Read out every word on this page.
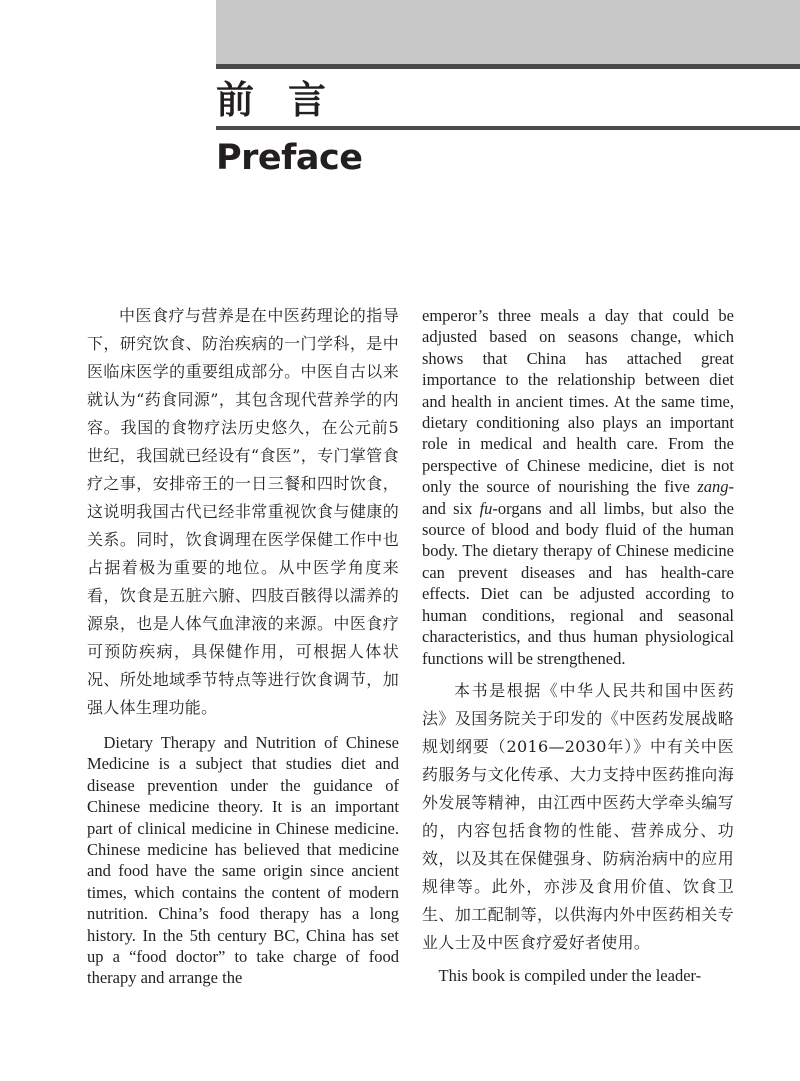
前言
Preface

中医食疗与营养是在中医药理论的指导下，研究饮食、防治疾病的一门学科，是中医临床医学的重要组成部分。中医自古以来就认为“药食同源”，其包含现代营养学的内容。我国的食物疗法历史悠久，在公元前5世纪，我国就已经设有“食医”，专门掌管食疗之事，安排帝王的一日三餐和四时饮食，这说明我国古代已经非常重视饮食与健康的关系。同时，饮食调理在医学保健工作中也占据着极为重要的地位。从中医学角度来看，饮食是五脏六腑、四肢百骸得以濡养的源泉，也是人体气血津液的来源。中医食疗可预防疾病，具保健作用，可根据人体状况、所处地域季节特点等进行饮食调节，加强人体生理功能。

Dietary Therapy and Nutrition of Chinese Medicine is a subject that studies diet and disease prevention under the guidance of Chinese medicine theory. It is an important part of clinical medicine in Chinese medicine. Chinese medicine has believed that medicine and food have the same origin since ancient times, which contains the content of modern nutrition. China’s food therapy has a long history. In the 5th century BC, China has set up a “food doctor” to take charge of food therapy and arrange the

emperor’s three meals a day that could be adjusted based on seasons change, which shows that China has attached great importance to the relationship between diet and health in ancient times. At the same time, dietary conditioning also plays an important role in medical and health care. From the perspective of Chinese medicine, diet is not only the source of nourishing the five zang- and six fu-organs and all limbs, but also the source of blood and body fluid of the human body. The dietary therapy of Chinese medicine can prevent diseases and has health-care effects. Diet can be adjusted according to human conditions, regional and seasonal characteristics, and thus human physiological functions will be strengthened.

本书是根据《中华人民共和国中医药法》及国务院关于印发的《中医药发展战略规划纲要（2016—2030年）》中有关中医药服务与文化传承、大力支持中医药推向海外发展等精神，由江西中医药大学牵头编写的，内容包括食物的性能、营养成分、功效，以及其在保健强身、防病治病中的应用规律等。此外，亦涉及食用价值、饮食卫生、加工配制等，以供海内外中医药相关专业人士及中医食疗爱好者使用。

This book is compiled under the leader-
